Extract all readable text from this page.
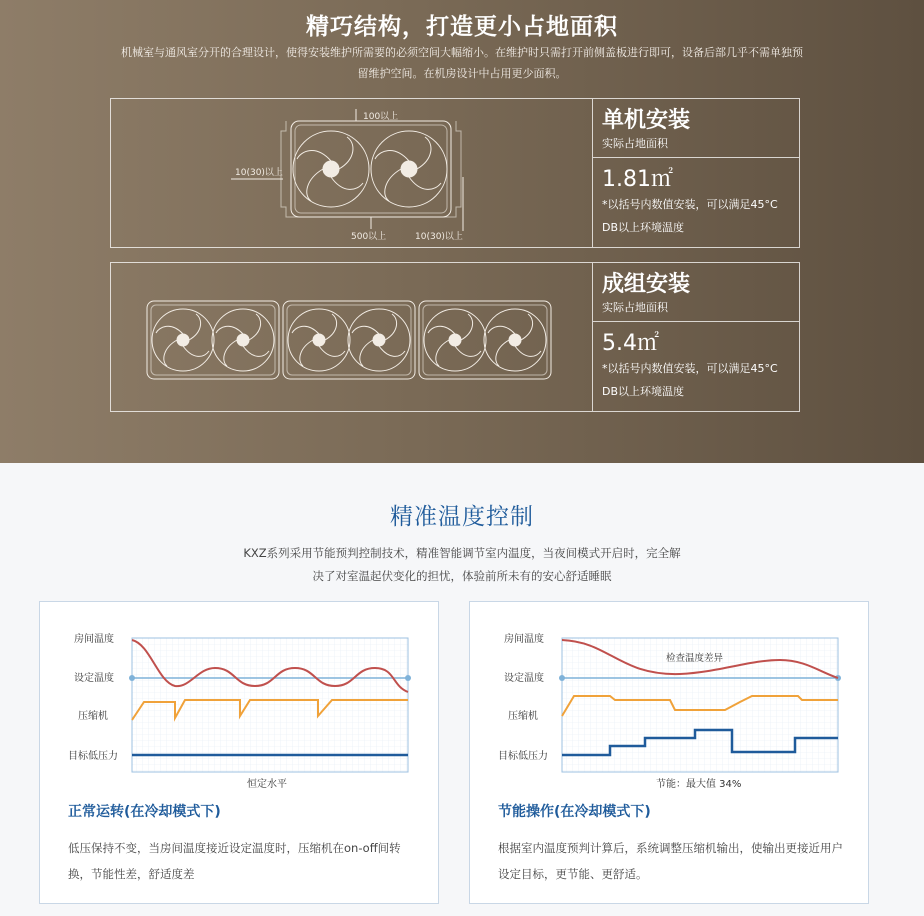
精巧结构，打造更小占地面积
机械室与通风室分开的合理设计，使得安装维护所需要的必须空间大幅缩小。在维护时只需打开前侧盖板进行即可，设备后部几乎不需单独预留维护空间。在机房设计中占用更少面积。
100以上
10(30)以上
500以上	10(30)以上
单机安装
实际占地面积
1.81㎡
*以括号内数值安装，可以满足45°C DB以上环境温度
成组安装
实际占地面积
5.4㎡
*以括号内数值安装，可以满足45°C DB以上环境温度
精准温度控制
KXZ系列采用节能预判控制技术，精准智能调节室内温度，当夜间模式开启时，完全解决了对室温起伏变化的担忧，体验前所未有的安心舒适睡眠
房间温度
设定温度
压缩机
目标低压力
恒定水平
正常运转(在冷却模式下)
低压保持不变，当房间温度接近设定温度时，压缩机在on-off间转换，节能性差，舒适度差
检查温度差异
房间温度
设定温度
压缩机
目标低压力
节能：最大值 34%
节能操作(在冷却模式下)
根据室内温度预判计算后，系统调整压缩机输出，使输出更接近用户设定目标，更节能、更舒适。
